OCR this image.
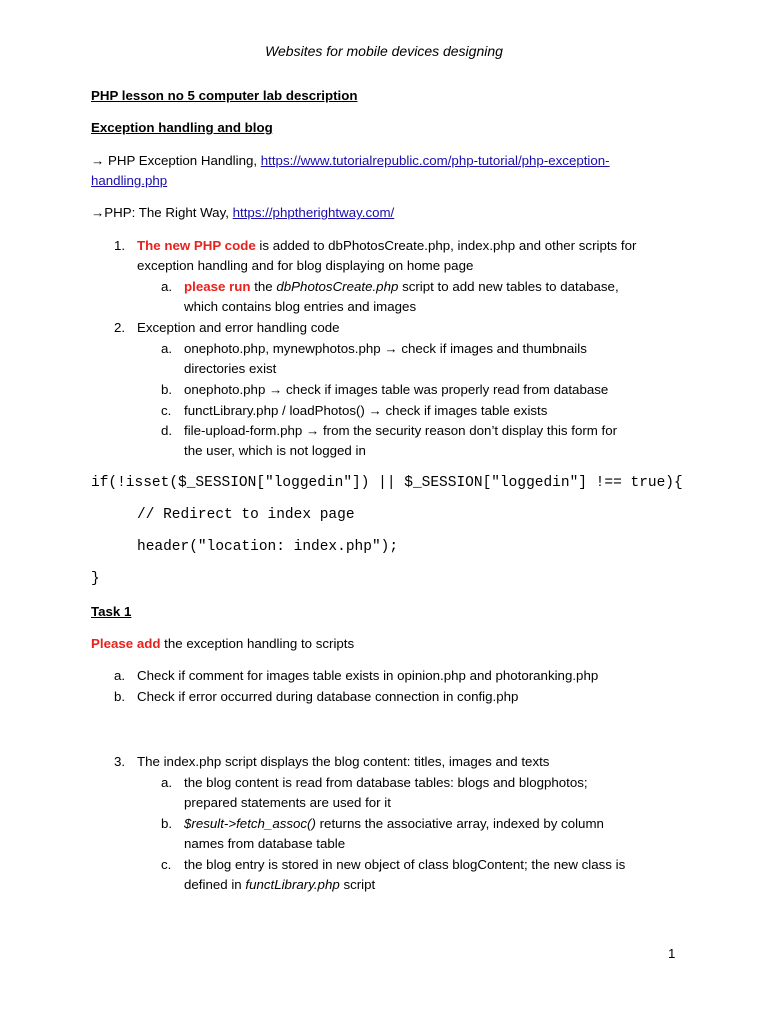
Websites for mobile devices designing
PHP lesson no 5 computer lab description
Exception handling and blog
→ PHP Exception Handling, https://www.tutorialrepublic.com/php-tutorial/php-exception-
handling.php
→PHP: The Right Way, https://phptherightway.com/
1. The new PHP code is added to dbPhotosCreate.php, index.php and other scripts for
exception handling and for blog displaying on home page
a. please run the dbPhotosCreate.php script to add new tables to database,
which contains blog entries and images
2. Exception and error handling code
a. onephoto.php, mynewphotos.php → check if images and thumbnails
directories exist
b. onephoto.php → check if images table was properly read from database
c. functLibrary.php / loadPhotos() → check if images table exists
d. file-upload-form.php → from the security reason don’t display this form for
the user, which is not logged in
if(!isset($_SESSION["loggedin"]) || $_SESSION["loggedin"] !== true){
// Redirect to index page
header("location: index.php");
}
Task 1
Please add the exception handling to scripts
a. Check if comment for images table exists in opinion.php and photoranking.php
b. Check if error occurred during database connection in config.php
3. The index.php script displays the blog content: titles, images and texts
a. the blog content is read from database tables: blogs and blogphotos;
prepared statements are used for it
b. $result->fetch_assoc() returns the associative array, indexed by column
names from database table
c. the blog entry is stored in new object of class blogContent; the new class is
defined in functLibrary.php script
1
